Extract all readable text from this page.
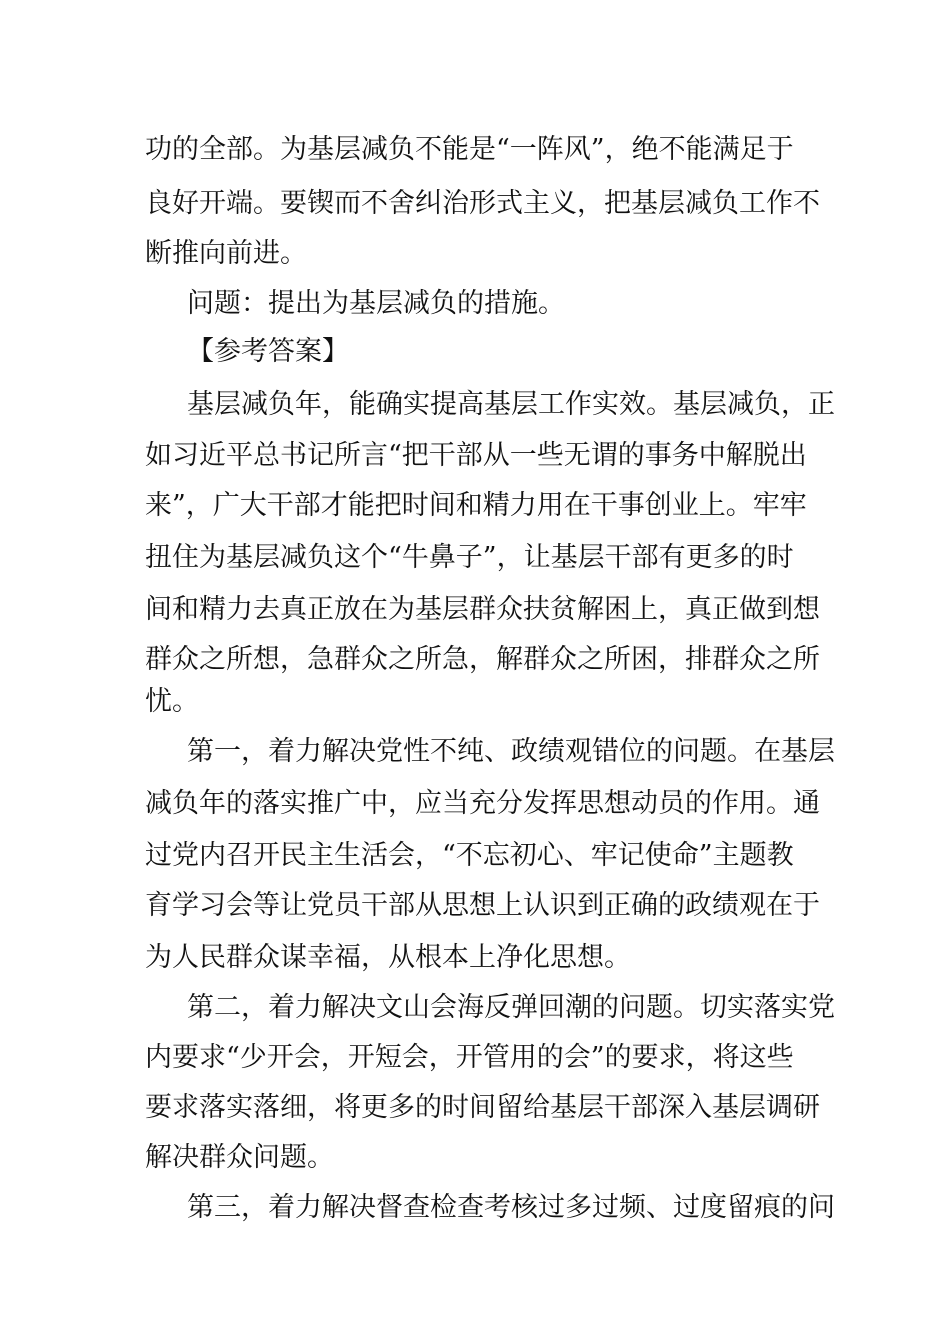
功的全部。为基层减负不能是“一阵风”，绝不能满足于
良好开端。要锲而不舍纠治形式主义，把基层减负工作不
断推向前进。
问题：提出为基层减负的措施。
【参考答案】
基层减负年，能确实提高基层工作实效。基层减负，正
如习近平总书记所言“把干部从一些无谓的事务中解脱出
来”，广大干部才能把时间和精力用在干事创业上。牢牢
扭住为基层减负这个“牛鼻子”，让基层干部有更多的时
间和精力去真正放在为基层群众扶贫解困上，真正做到想
群众之所想，急群众之所急，解群众之所困，排群众之所
忧。
第一，着力解决党性不纯、政绩观错位的问题。在基层
减负年的落实推广中，应当充分发挥思想动员的作用。通
过党内召开民主生活会，“不忘初心、牢记使命”主题教
育学习会等让党员干部从思想上认识到正确的政绩观在于
为人民群众谋幸福，从根本上净化思想。
第二，着力解决文山会海反弹回潮的问题。切实落实党
内要求“少开会，开短会，开管用的会”的要求，将这些
要求落实落细，将更多的时间留给基层干部深入基层调研
解决群众问题。
第三，着力解决督查检查考核过多过频、过度留痕的问
